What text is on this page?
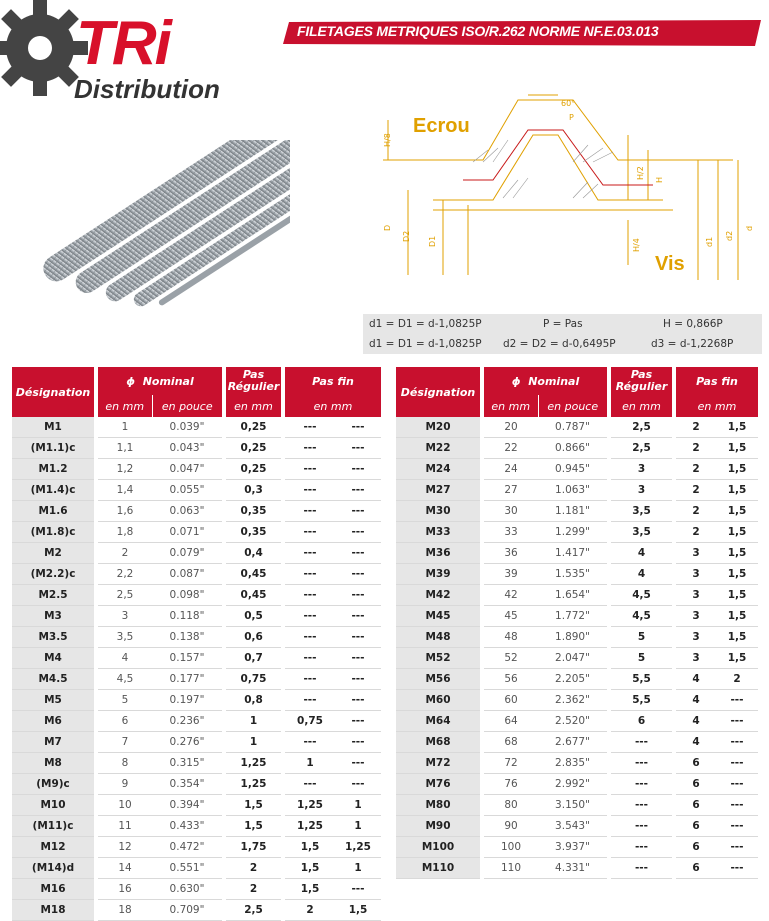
TRi
Distribution
FILETAGES METRIQUES ISO/R.262 NORME NF.E.03.013
Ecrou
Vis
60°
P
H/8
H/2 H
H/4
D
D2 D1	d1
d2
d
d1 = D1 = d-1,0825P	P = Pas	H = 0,866P
d1 = D1 = d-1,0825P d2 = D2 = d-0,6495P	d3 = d-1,2268P
Désignation		ϕ Nominal			Pas Régulier		Pas fin	
		en mm	en pouce		en mm		en mm	
M1		1	0.039"		0,25		---	---
(M1.1)c		1,1	0.043"		0,25		---	---
M1.2		1,2	0.047"		0,25		---	---
(M1.4)c		1,4	0.055"		0,3		---	---
M1.6		1,6	0.063"		0,35		---	---
(M1.8)c		1,8	0.071"		0,35		---	---
M2		2	0.079"		0,4		---	---
(M2.2)c		2,2	0.087"		0,45		---	---
M2.5		2,5	0.098"		0,45		---	---
M3		3	0.118"		0,5		---	---
M3.5		3,5	0.138"		0,6		---	---
M4		4	0.157"		0,7		---	---
M4.5		4,5	0.177"		0,75		---	---
M5		5	0.197"		0,8		---	---
M6		6	0.236"		1		0,75	---
M7		7	0.276"		1		---	---
M8		8	0.315"		1,25		1	---
(M9)c		9	0.354"		1,25		---	---
M10		10	0.394"		1,5		1,25	1
(M11)c		11	0.433"		1,5		1,25	1
M12		12	0.472"		1,75		1,5	1,25
(M14)d		14	0.551"		2		1,5	1
M16		16	0.630"		2		1,5	---
M18		18	0.709"		2,5		2	1,5
Désignation		ϕ Nominal			Pas Régulier		Pas fin	
		en mm	en pouce		en mm		en mm	
M20		20	0.787"		2,5		2	1,5
M22		22	0.866"		2,5		2	1,5
M24		24	0.945"		3		2	1,5
M27		27	1.063"		3		2	1,5
M30		30	1.181"		3,5		2	1,5
M33		33	1.299"		3,5		2	1,5
M36		36	1.417"		4		3	1,5
M39		39	1.535"		4		3	1,5
M42		42	1.654"		4,5		3	1,5
M45		45	1.772"		4,5		3	1,5
M48		48	1.890"		5		3	1,5
M52		52	2.047"		5		3	1,5
M56		56	2.205"		5,5		4	2
M60		60	2.362"		5,5		4	---
M64		64	2.520"		6		4	---
M68		68	2.677"		---		4	---
M72		72	2.835"		---		6	---
M76		76	2.992"		---		6	---
M80		80	3.150"		---		6	---
M90		90	3.543"		---		6	---
M100		100	3.937"		---		6	---
M110		110	4.331"		---		6	---
